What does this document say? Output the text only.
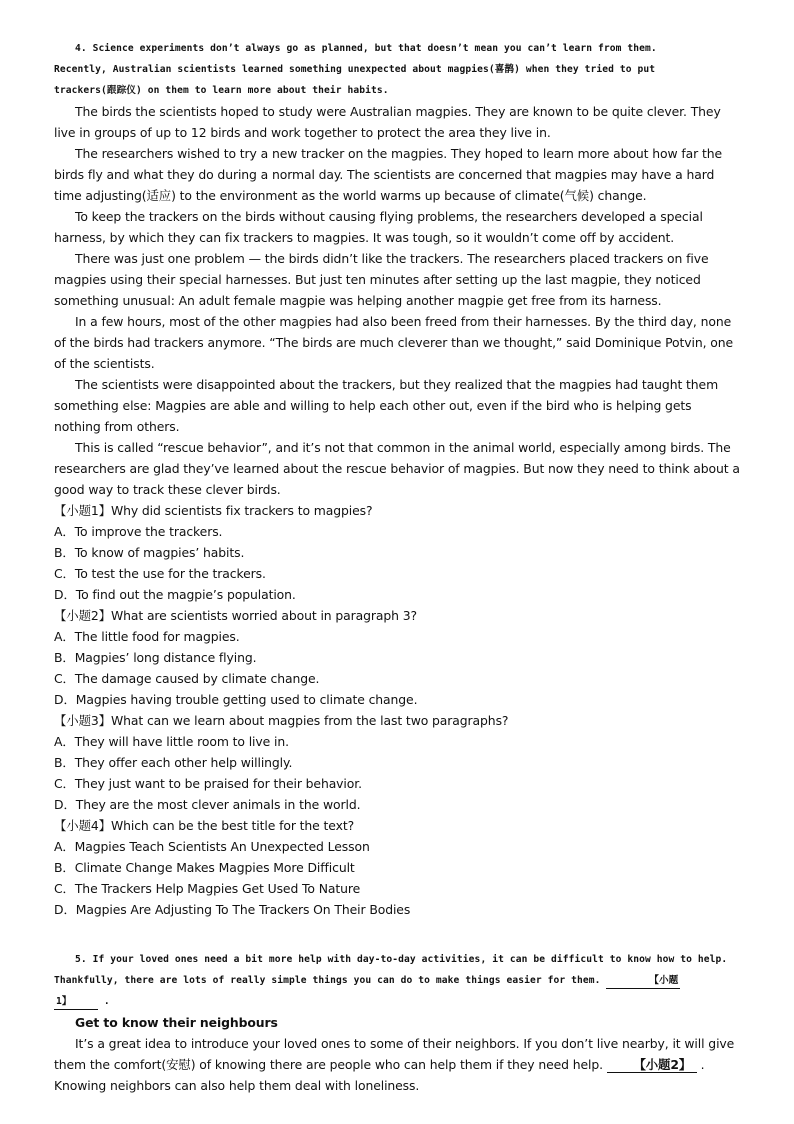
4. Science experiments don’t always go as planned, but that doesn’t mean you can’t learn from them.

Recently, Australian scientists learned something unexpected about magpies(喜鹊) when they tried to put

trackers(跟踪仪) on them to learn more about their habits.

The birds the scientists hoped to study were Australian magpies. They are known to be quite clever. They live in groups of up to 12 birds and work together to protect the area they live in.

The researchers wished to try a new tracker on the magpies. They hoped to learn more about how far the birds fly and what they do during a normal day. The scientists are concerned that magpies may have a hard time adjusting(适应) to the environment as the world warms up because of climate(气候) change.

To keep the trackers on the birds without causing flying problems, the researchers developed a special harness, by which they can fix trackers to magpies. It was tough, so it wouldn’t come off by accident.

There was just one problem — the birds didn’t like the trackers. The researchers placed trackers on five magpies using their special harnesses. But just ten minutes after setting up the last magpie, they noticed something unusual: An adult female magpie was helping another magpie get free from its harness.

In a few hours, most of the other magpies had also been freed from their harnesses. By the third day, none of the birds had trackers anymore. “The birds are much cleverer than we thought,” said Dominique Potvin, one of the scientists.

The scientists were disappointed about the trackers, but they realized that the magpies had taught them something else: Magpies are able and willing to help each other out, even if the bird who is helping gets nothing from others.

This is called “rescue behavior”, and it’s not that common in the animal world, especially among birds. The researchers are glad they’ve learned about the rescue behavior of magpies. But now they need to think about a good way to track these clever birds.

【小题1】Why did scientists fix trackers to magpies?

A．To improve the trackers.

B．To know of magpies’ habits.

C．To test the use for the trackers.

D．To find out the magpie’s population.

【小题2】What are scientists worried about in paragraph 3?

A．The little food for magpies.

B．Magpies’ long distance flying.

C．The damage caused by climate change.

D．Magpies having trouble getting used to climate change.

【小题3】What can we learn about magpies from the last two paragraphs?

A．They will have little room to live in.

B．They offer each other help willingly.

C．They just want to be praised for their behavior.

D．They are the most clever animals in the world.

【小题4】Which can be the best title for the text?

A．Magpies Teach Scientists An Unexpected Lesson

B．Climate Change Makes Magpies More Difficult

C．The Trackers Help Magpies Get Used To Nature

D．Magpies Are Adjusting To The Trackers On Their Bodies

5. If your loved ones need a bit more help with day-to-day activities, it can be difficult to know how to help.

Thankfully, there are lots of really simple things you can do to make things easier for them.	【小题

1】	.

Get to know their neighbours

It’s a great idea to introduce your loved ones to some of their neighbors. If you don’t live nearby, it will give them the comfort(安慰) of knowing there are people who can help them if they need help. 【小题2】 . Knowing neighbors can also help them deal with loneliness.
